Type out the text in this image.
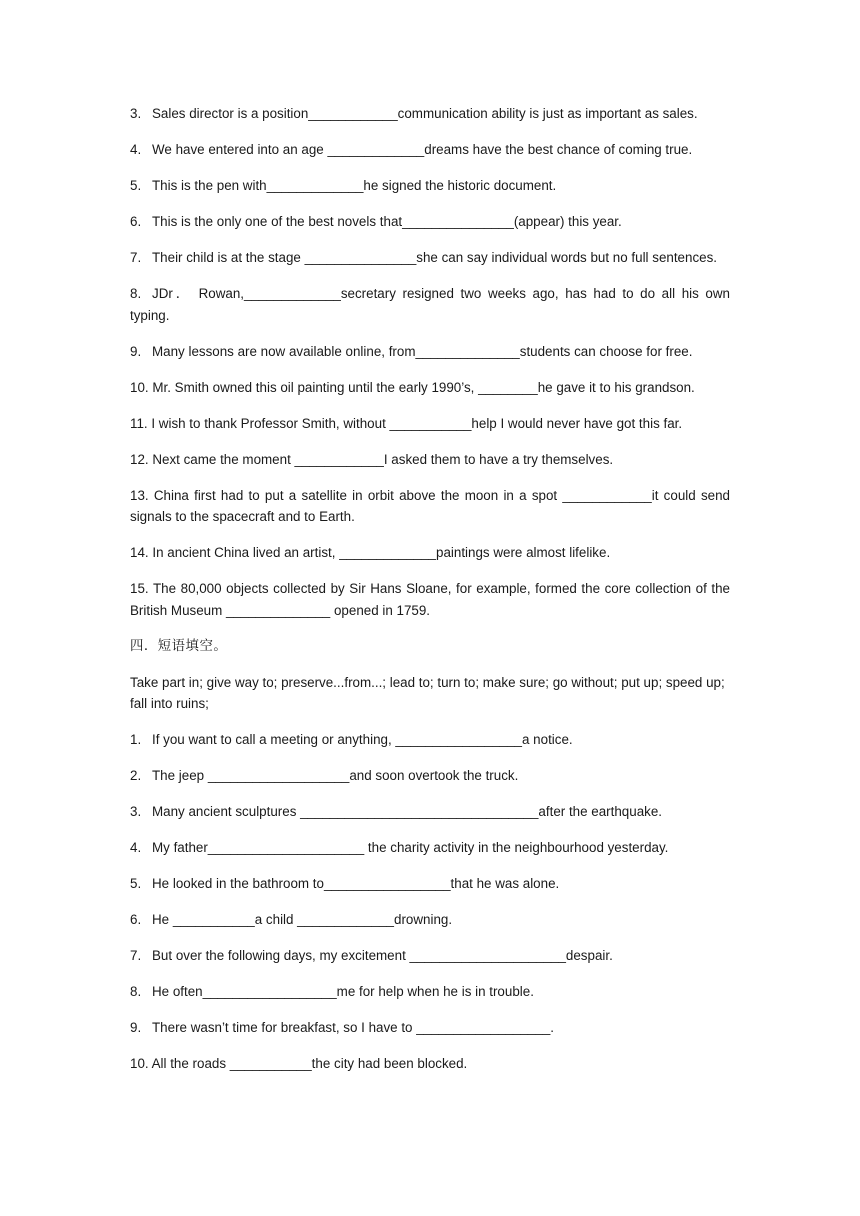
3. Sales director is a position____________communication ability is just as important as sales.

4. We have entered into an age _____________dreams have the best chance of coming true.

5. This is the pen with_____________he signed the historic document.

6. This is the only one of the best novels that_______________(appear) this year.

7. Their child is at the stage _______________she can say individual words but no full sentences.

8. JDr． Rowan,_____________secretary resigned two weeks ago, has had to do all his own typing.

9. Many lessons are now available online, from______________students can choose for free.

10. Mr. Smith owned this oil painting until the early 1990’s, ________he gave it to his grandson.

11. I wish to thank Professor Smith, without ___________help I would never have got this far.

12. Next came the moment ____________I asked them to have a try themselves.

13. China first had to put a satellite in orbit above the moon in a spot ____________it could send signals to the spacecraft and to Earth.

14. In ancient China lived an artist, _____________paintings were almost lifelike.

15. The 80,000 objects collected by Sir Hans Sloane, for example, formed the core collection of the British Museum ______________ opened in 1759.

四．短语填空。

Take part in; give way to; preserve...from...; lead to; turn to; make sure; go without; put up; speed up; fall into ruins;

1. If you want to call a meeting or anything, _________________a notice.

2. The jeep ___________________and soon overtook the truck.

3. Many ancient sculptures ________________________________after the earthquake.

4. My father_____________________ the charity activity in the neighbourhood yesterday.

5. He looked in the bathroom to_________________that he was alone.

6. He ___________a child _____________drowning.

7. But over the following days, my excitement _____________________despair.

8. He often__________________me for help when he is in trouble.

9. There wasn’t time for breakfast, so I have to __________________.

10. All the roads ___________the city had been blocked.
